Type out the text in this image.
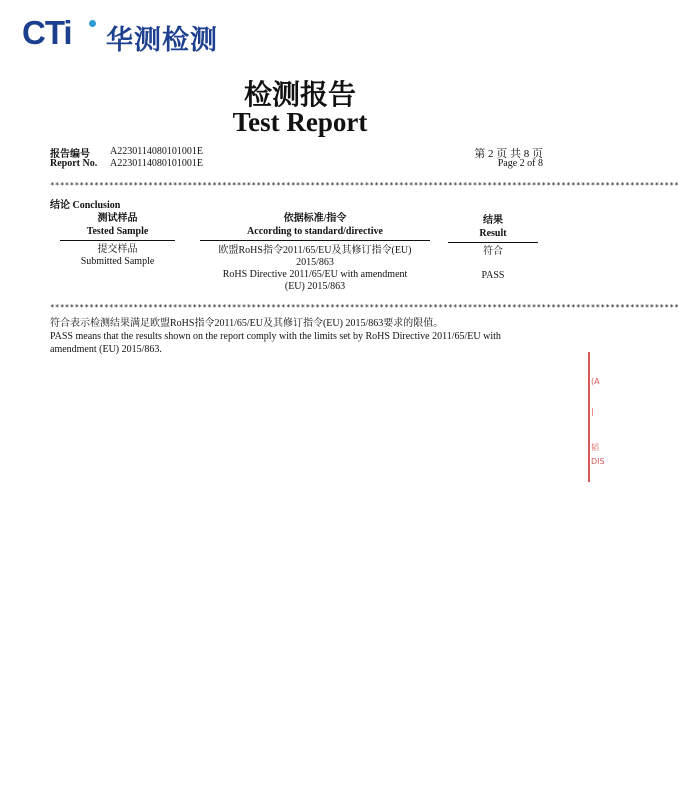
CTi 华测检测
检测报告
Test Report
报告编号 A2230114080101001E
Report No. A2230114080101001E
第 2 页 共 8 页
Page 2 of 8
********************************************************************************************************************************
结论 Conclusion
测试样品
Tested Sample
依据标准/指令
According to standard/directive
结果
Result
提交样品
Submitted Sample
欧盟RoHS指令2011/65/EU及其修订指令(EU)
2015/863
RoHS Directive 2011/65/EU with amendment
(EU) 2015/863
符合
PASS
********************************************************************************************************************************
符合表示检测结果满足欧盟RoHS指令2011/65/EU及其修订指令(EU) 2015/863要求的限值。
PASS means that the results shown on the report comply with the limits set by RoHS Directive 2011/65/EU with
amendment (EU) 2015/863.
(A
|
韬
DIS
